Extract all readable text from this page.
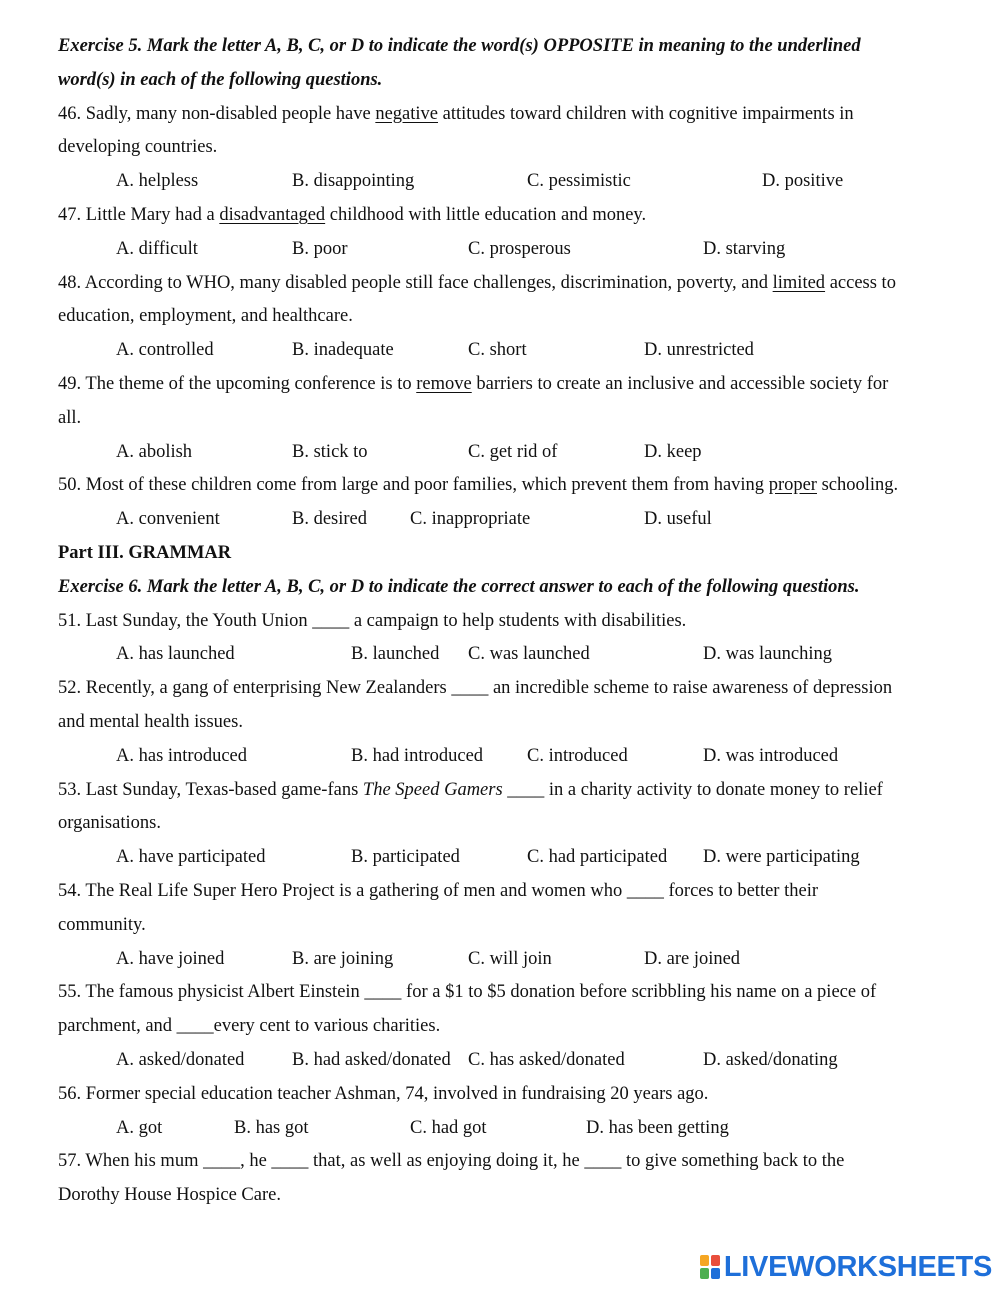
Exercise 5. Mark the letter A, B, C, or D to indicate the word(s) OPPOSITE in meaning to the underlined
word(s) in each of the following questions.
46. Sadly, many non-disabled people have negative attitudes toward children with cognitive impairments in
developing countries.
A. helpless	B. disappointing	C. pessimistic	D. positive
47. Little Mary had a disadvantaged childhood with little education and money.
A. difficult	B. poor	C. prosperous	D. starving
48. According to WHO, many disabled people still face challenges, discrimination, poverty, and limited access to
education, employment, and healthcare.
A. controlled	B. inadequate	C. short	D. unrestricted
49. The theme of the upcoming conference is to remove barriers to create an inclusive and accessible society for
all.
A. abolish	B. stick to	C. get rid of	D. keep
50. Most of these children come from large and poor families, which prevent them from having proper schooling.
A. convenient	B. desired C. inappropriate	D. useful
Part III. GRAMMAR
Exercise 6. Mark the letter A, B, C, or D to indicate the correct answer to each of the following questions.
51. Last Sunday, the Youth Union ____ a campaign to help students with disabilities.
A. has launched	B. launched C. was launched	D. was launching
52. Recently, a gang of enterprising New Zealanders ____ an incredible scheme to raise awareness of depression
and mental health issues.
A. has introduced	B. had introduced C. introduced	D. was introduced
53. Last Sunday, Texas-based game-fans The Speed Gamers ____ in a charity activity to donate money to relief
organisations.
A. have participated	B. participated	C. had participated D. were participating
54. The Real Life Super Hero Project is a gathering of men and women who ____ forces to better their
community.
A. have joined	B. are joining	C. will join	D. are joined
55. The famous physicist Albert Einstein ____ for a $1 to $5 donation before scribbling his name on a piece of
parchment, and ____every cent to various charities.
A. asked/donated	B. had asked/donated C. has asked/donated	D. asked/donating
56. Former special education teacher Ashman, 74, involved in fundraising 20 years ago.
A. got	B. has got	C. had got	D. has been getting
57. When his mum ____, he ____ that, as well as enjoying doing it, he ____ to give something back to the
Dorothy House Hospice Care.
LIVEWORKSHEETS
